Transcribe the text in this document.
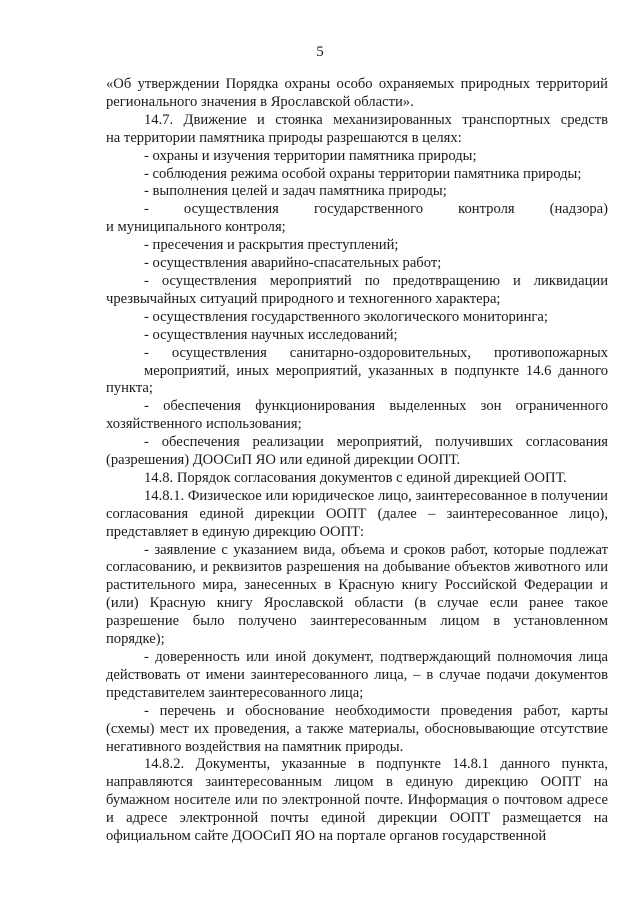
5

«Об утверждении Порядка охраны особо охраняемых природных территорий регионального значения в Ярославской области».

14.7. Движение и стоянка механизированных транспортных средств
на территории памятника природы разрешаются в целях:

- охраны и изучения территории памятника природы;

- соблюдения режима особой охраны территории памятника природы;

- выполнения целей и задач памятника природы;

- осуществления государственного контроля (надзора)
и муниципального контроля;

- пресечения и раскрытия преступлений;

- осуществления аварийно-спасательных работ;

- осуществления мероприятий по предотвращению и ликвидации чрезвычайных ситуаций природного и техногенного характера;

- осуществления государственного экологического мониторинга;

- осуществления научных исследований;

- осуществления санитарно-оздоровительных, противопожарных
мероприятий, иных мероприятий, указанных в подпункте 14.6 данного
пункта;

- обеспечения функционирования выделенных зон ограниченного
хозяйственного использования;

- обеспечения реализации мероприятий, получивших согласования (разрешения) ДООСиП ЯО или единой дирекции ООПТ.

14.8. Порядок согласования документов с единой дирекцией ООПТ.

14.8.1. Физическое или юридическое лицо, заинтересованное в получении согласования единой дирекции ООПТ (далее – заинтересованное лицо), представляет в единую дирекцию ООПТ:

- заявление с указанием вида, объема и сроков работ, которые подлежат согласованию, и реквизитов разрешения на добывание объектов животного или растительного мира, занесенных в Красную книгу Российской Федерации и (или) Красную книгу Ярославской области (в случае если ранее такое разрешение было получено заинтересованным лицом в установленном порядке);

- доверенность или иной документ, подтверждающий полномочия лица действовать от имени заинтересованного лица, – в случае подачи документов представителем заинтересованного лица;

- перечень и обоснование необходимости проведения работ, карты (схемы) мест их проведения, а также материалы, обосновывающие отсутствие негативного воздействия на памятник природы.

14.8.2. Документы, указанные в подпункте 14.8.1 данного пункта, направляются заинтересованным лицом в единую дирекцию ООПТ на бумажном носителе или по электронной почте. Информация о почтовом адресе и адресе электронной почты единой дирекции ООПТ размещается на официальном сайте ДООСиП ЯО на портале органов государственной
